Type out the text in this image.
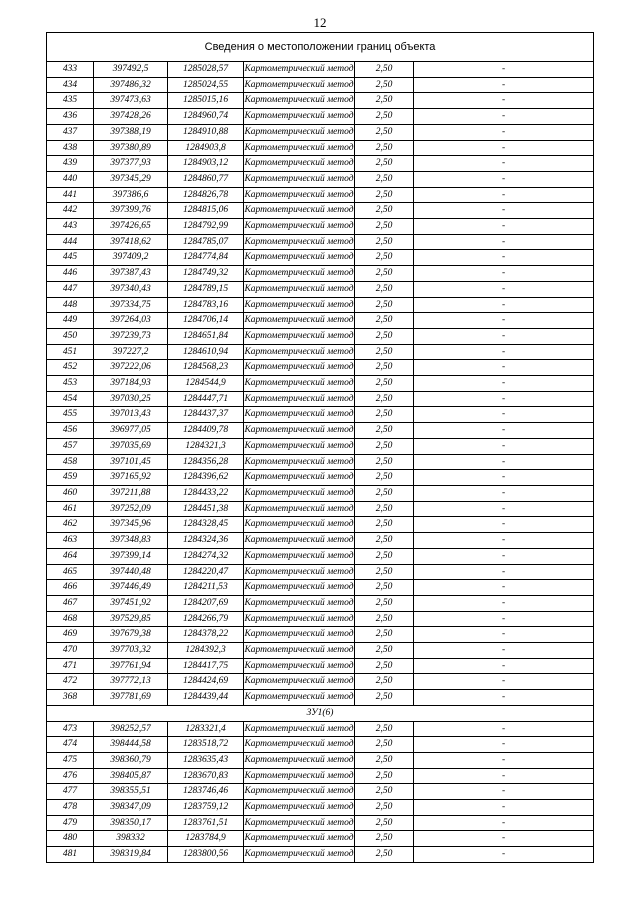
12
Сведения о местоположении границ объекта					
433	397492,5	1285028,57	Картометрический метод	2,50	-
434	397486,32	1285024,55	Картометрический метод	2,50	-
435	397473,63	1285015,16	Картометрический метод	2,50	-
436	397428,26	1284960,74	Картометрический метод	2,50	-
437	397388,19	1284910,88	Картометрический метод	2,50	-
438	397380,89	1284903,8	Картометрический метод	2,50	-
439	397377,93	1284903,12	Картометрический метод	2,50	-
440	397345,29	1284860,77	Картометрический метод	2,50	-
441	397386,6	1284826,78	Картометрический метод	2,50	-
442	397399,76	1284815,06	Картометрический метод	2,50	-
443	397426,65	1284792,99	Картометрический метод	2,50	-
444	397418,62	1284785,07	Картометрический метод	2,50	-
445	397409,2	1284774,84	Картометрический метод	2,50	-
446	397387,43	1284749,32	Картометрический метод	2,50	-
447	397340,43	1284789,15	Картометрический метод	2,50	-
448	397334,75	1284783,16	Картометрический метод	2,50	-
449	397264,03	1284706,14	Картометрический метод	2,50	-
450	397239,73	1284651,84	Картометрический метод	2,50	-
451	397227,2	1284610,94	Картометрический метод	2,50	-
452	397222,06	1284568,23	Картометрический метод	2,50	-
453	397184,93	1284544,9	Картометрический метод	2,50	-
454	397030,25	1284447,71	Картометрический метод	2,50	-
455	397013,43	1284437,37	Картометрический метод	2,50	-
456	396977,05	1284409,78	Картометрический метод	2,50	-
457	397035,69	1284321,3	Картометрический метод	2,50	-
458	397101,45	1284356,28	Картометрический метод	2,50	-
459	397165,92	1284396,62	Картометрический метод	2,50	-
460	397211,88	1284433,22	Картометрический метод	2,50	-
461	397252,09	1284451,38	Картометрический метод	2,50	-
462	397345,96	1284328,45	Картометрический метод	2,50	-
463	397348,83	1284324,36	Картометрический метод	2,50	-
464	397399,14	1284274,32	Картометрический метод	2,50	-
465	397440,48	1284220,47	Картометрический метод	2,50	-
466	397446,49	1284211,53	Картометрический метод	2,50	-
467	397451,92	1284207,69	Картометрический метод	2,50	-
468	397529,85	1284266,79	Картометрический метод	2,50	-
469	397679,38	1284378,22	Картометрический метод	2,50	-
470	397703,32	1284392,3	Картометрический метод	2,50	-
471	397761,94	1284417,75	Картометрический метод	2,50	-
472	397772,13	1284424,69	Картометрический метод	2,50	-
368	397781,69	1284439,44	Картометрический метод	2,50	-
ЗУ1(6)					
473	398252,57	1283321,4	Картометрический метод	2,50	-
474	398444,58	1283518,72	Картометрический метод	2,50	-
475	398360,79	1283635,43	Картометрический метод	2,50	-
476	398405,87	1283670,83	Картометрический метод	2,50	-
477	398355,51	1283746,46	Картометрический метод	2,50	-
478	398347,09	1283759,12	Картометрический метод	2,50	-
479	398350,17	1283761,51	Картометрический метод	2,50	-
480	398332	1283784,9	Картометрический метод	2,50	-
481	398319,84	1283800,56	Картометрический метод	2,50	-
